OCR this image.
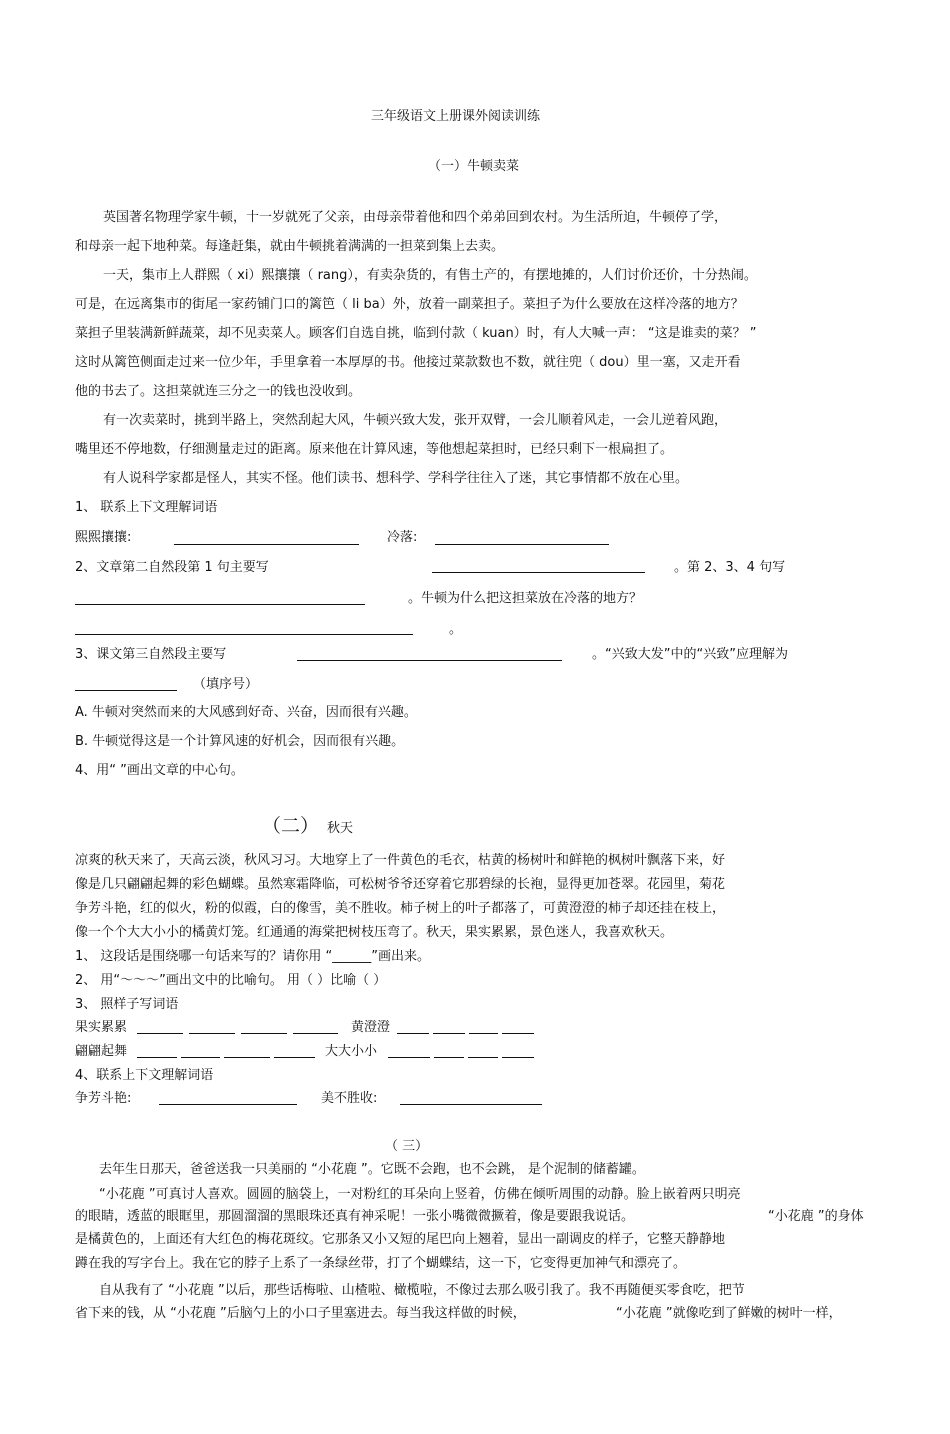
三年级语文上册课外阅读训练
（一）牛顿卖菜
英国著名物理学家牛顿，十一岁就死了父亲，由母亲带着他和四个弟弟回到农村。为生活所迫，牛顿停了学，
和母亲一起下地种菜。每逢赶集，就由牛顿挑着满满的一担菜到集上去卖。
一天，集市上人群熙（ xi）熙攘攘（ rang），有卖杂货的，有售土产的，有摆地摊的，人们讨价还价，十分热闹。
可是，在远离集市的街尾一家药铺门口的篱笆（ li ba）外，放着一副菜担子。菜担子为什么要放在这样冷落的地方？
菜担子里装满新鲜蔬菜，却不见卖菜人。顾客们自选自挑，临到付款（ kuan）时，有人大喊一声： “这是谁卖的菜？ ”
这时从篱笆侧面走过来一位少年，手里拿着一本厚厚的书。他接过菜款数也不数，就往兜（ dou）里一塞，又走开看
他的书去了。这担菜就连三分之一的钱也没收到。
有一次卖菜时，挑到半路上，突然刮起大风，牛顿兴致大发，张开双臂，一会儿顺着风走，一会儿逆着风跑，
嘴里还不停地数，仔细测量走过的距离。原来他在计算风速，等他想起菜担时，已经只剩下一根扁担了。
有人说科学家都是怪人，其实不怪。他们读书、想科学、学科学往往入了迷，其它事情都不放在心里。
1、 联系上下文理解词语
熙熙攘攘:	冷落:
2、文章第二自然段第 1 句主要写	。第 2、3、4 句写
。牛顿为什么把这担菜放在冷落的地方？
。
3、课文第三自然段主要写	。“兴致大发”中的“兴致”应理解为
（填序号）
A. 牛顿对突然而来的大风感到好奇、兴奋，因而很有兴趣。
B. 牛顿觉得这是一个计算风速的好机会，因而很有兴趣。
4、用“ ”画出文章的中心句。
（二） 秋天
凉爽的秋天来了，天高云淡，秋风习习。大地穿上了一件黄色的毛衣，枯黄的杨树叶和鲜艳的枫树叶飘落下来，好
像是几只翩翩起舞的彩色蝴蝶。虽然寒霜降临，可松树爷爷还穿着它那碧绿的长袍，显得更加苍翠。花园里，菊花
争芳斗艳，红的似火，粉的似霞，白的像雪，美不胜收。柿子树上的叶子都落了，可黄澄澄的柿子却还挂在枝上，
像一个个大大小小的橘黄灯笼。红通通的海棠把树枝压弯了。秋天，果实累累，景色迷人，我喜欢秋天。
1、 这段话是围绕哪一句话来写的？请你用 “______”画出来。
2、 用“～～～”画出文中的比喻句。 用（ ）比喻（ ）
3、 照样子写词语
果实累累	黄澄澄
翩翩起舞	大大小小
4、联系上下文理解词语
争芳斗艳:	美不胜收:
（ 三）
去年生日那天，爸爸送我一只美丽的 “小花鹿 ”。它既不会跑，也不会跳， 是个泥制的储蓄罐。
“小花鹿 ”可真讨人喜欢。圆圆的脑袋上，一对粉红的耳朵向上竖着，仿佛在倾听周围的动静。脸上嵌着两只明亮
的眼睛，透蓝的眼眶里，那圆溜溜的黑眼珠还真有神采呢！一张小嘴微微撅着，像是要跟我说话。	“小花鹿 ”的身体
是橘黄色的，上面还有大红色的梅花斑纹。它那条又小又短的尾巴向上翘着，显出一副调皮的样子，它整天静静地
蹲在我的写字台上。我在它的脖子上系了一条绿丝带，打了个蝴蝶结，这一下，它变得更加神气和漂亮了。
自从我有了 “小花鹿 ”以后，那些话梅啦、山楂啦、橄榄啦，不像过去那么吸引我了。我不再随便买零食吃，把节
省下来的钱，从 “小花鹿 ”后脑勺上的小口子里塞进去。每当我这样做的时候，	“小花鹿 ”就像吃到了鲜嫩的树叶一样，
